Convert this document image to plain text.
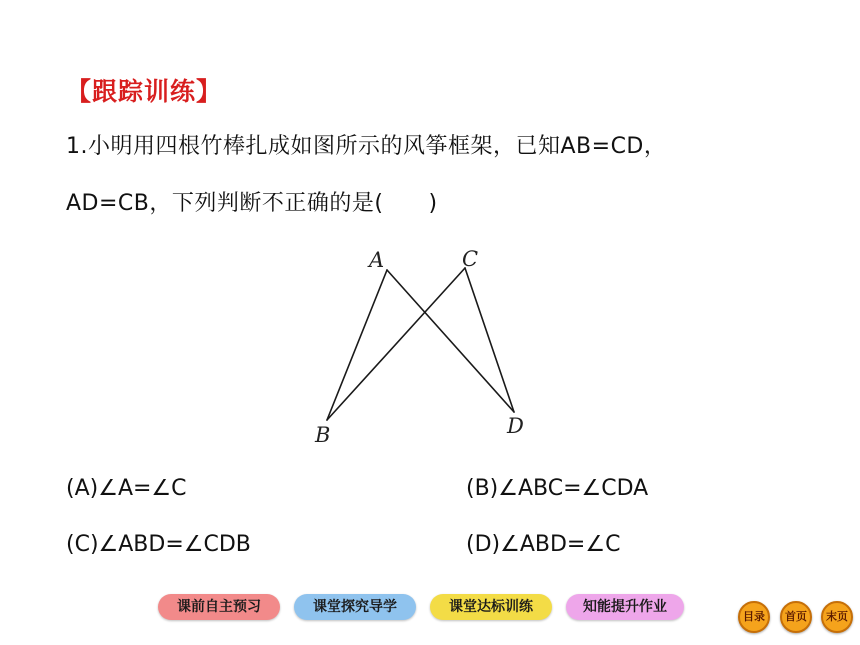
【跟踪训练】
1.小明用四根竹棒扎成如图所示的风筝框架，已知AB=CD，
AD=CB，下列判断不正确的是(　　)
A	C
B	D
(A)∠A=∠C	(B)∠ABC=∠CDA
(C)∠ABD=∠CDB	(D)∠ABD=∠C
课前自主预习	课堂探究导学	课堂达标训练	知能提升作业
目录	首页	末页
